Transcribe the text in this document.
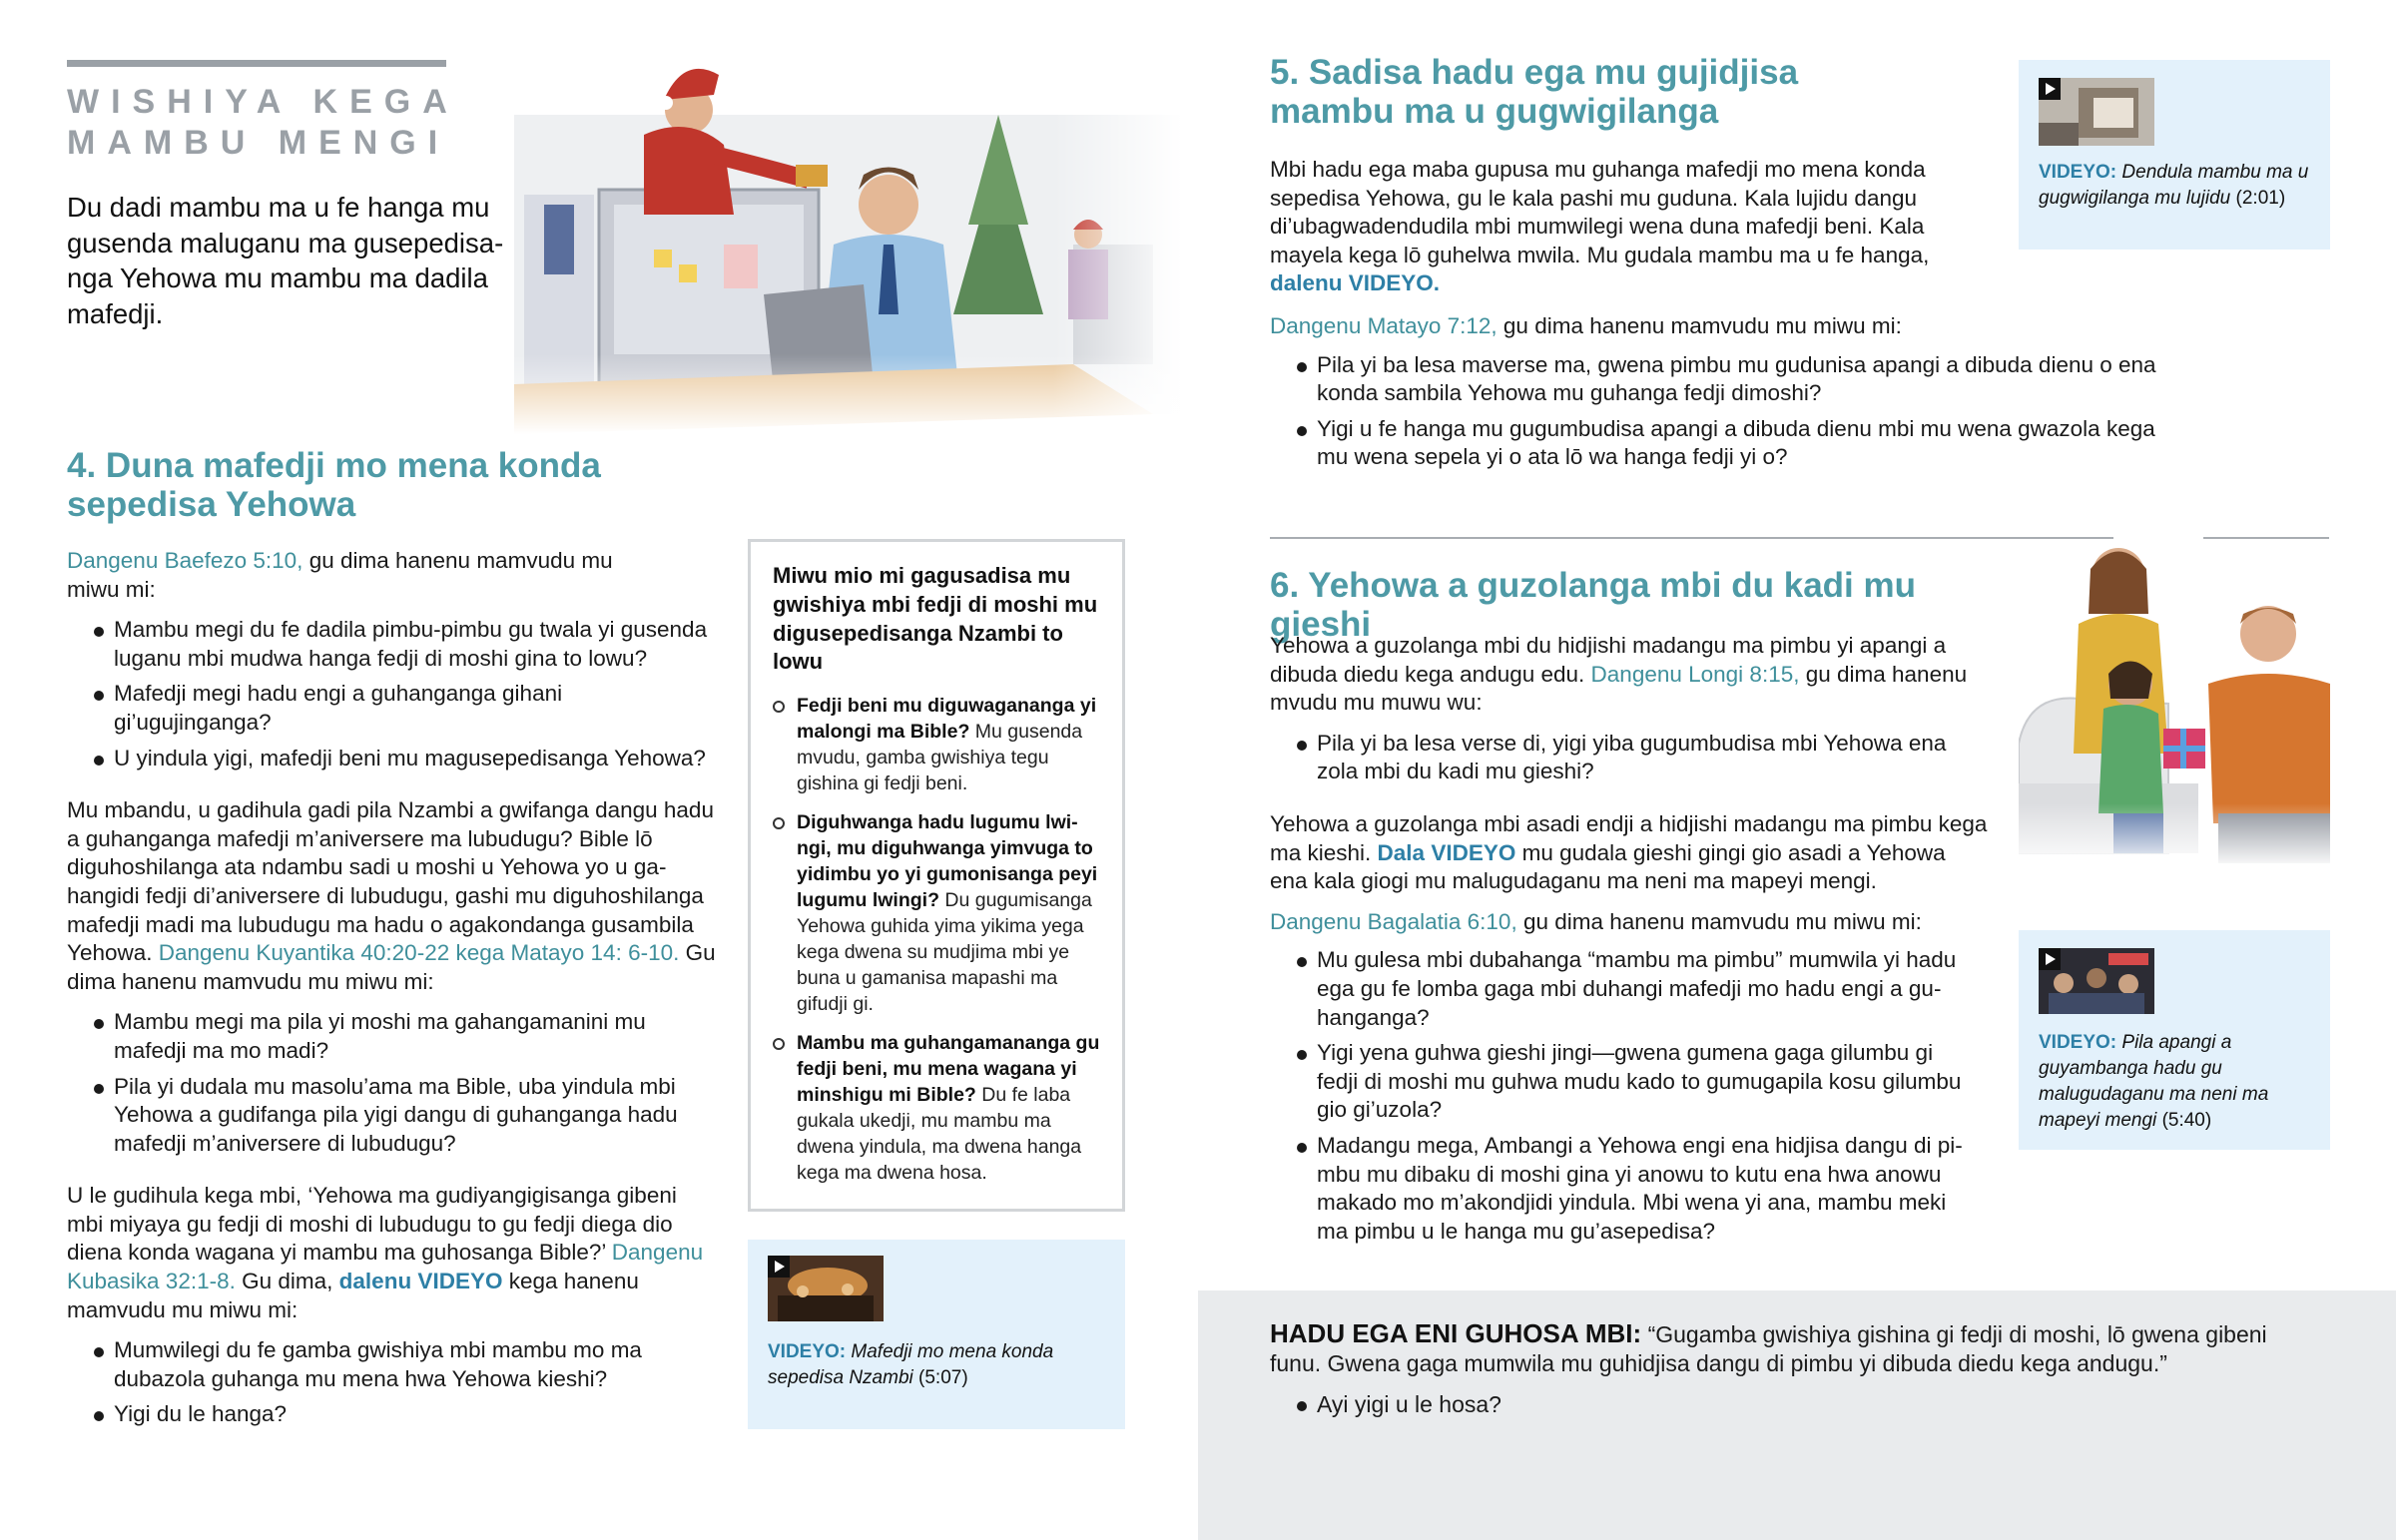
WISHIYA KEGA
MAMBU MENGI
Du dadi mambu ma u fe hanga mu gusenda maluganu ma gusepedisanga Yehowa mu mambu ma dadila mafedji.
4. Duna mafedji mo mena konda sepedisa Yehowa

Dangenu Baefezo 5:10, gu dima hanenu mamvudu mu miwu mi:

Mambu megi du fe dadila pimbu-pimbu gu twala yi gusenda luganu mbi mudwa hanga fedji di moshi gina to lowu?
Mafedji megi hadu engi a guhanganga gihani gi’ugujinganga?
U yindula yigi, mafedji beni mu magusepedisanga Yehowa?

Mu mbandu, u gadihula gadi pila Nzambi a gwifanga dangu hadu a guhanganga mafedji m’aniversere ma lubudugu? Bible lō diguhoshilanga ata ndambu sadi u moshi u Yehowa yo u gahangidi fedji di’aniversere di lubudugu, gashi mu diguhoshilanga mafedji madi ma lubudugu ma hadu o agakondanga gusambila Yehowa. Dangenu Kuyantika 40:20-22 kega Matayo 14: 6-10. Gu dima hanenu mamvudu mu miwu mi:

Mambu megi ma pila yi moshi ma gahangamanini mu mafedji ma mo madi?
Pila yi dudala mu masolu’ama ma Bible, uba yindula mbi Yehowa a gudifanga pila yigi dangu di guhanganga hadu mafedji m’aniversere di lubudugu?

U le gudihula kega mbi, ‘Yehowa ma gudiyangigisanga gibeni mbi miyaya gu fedji di moshi di lubudugu to gu fedji diega dio diena konda wagana yi mambu ma guhosanga Bible?’ Dangenu Kubasika 32:1-8. Gu dima, dalenu VIDEYO kega hanenu mamvudu mu miwu mi:

Mumwilegi du fe gamba gwishiya mbi mambu mo ma dubazola guhanga mu mena hwa Yehowa kieshi?
Yigi du le hanga?
Miwu mio mi gagusadisa mu gwishiya mbi fedji di moshi mu digusepedisanga Nzambi to lowu
Fedji beni mu diguwagananga yi malongi ma Bible? Mu gusenda mvudu, gamba gwishiya tegu gishina gi fedji beni.
Diguhwanga hadu lugumu lwingi, mu diguhwanga yimvuga to yidimbu yo yi gumonisanga peyi lugumu lwingi? Du gugumisanga Yehowa guhida yima yikima yega kega dwena su mudjima mbi ye buna u gamanisa mapashi ma gifudji gi.
Mambu ma guhangamananga gu fedji beni, mu mena wagana yi minshigu mi Bible? Du fe laba gukala ukedji, mu mambu ma dwena yindula, ma dwena hanga kega ma dwena hosa.
VIDEYO: Mafedji mo mena konda sepedisa Nzambi (5:07)
5. Sadisa hadu ega mu gujidjisa mambu ma u gugwigilanga

Mbi hadu ega maba gupusa mu guhanga mafedji mo mena konda sepedisa Yehowa, gu le kala pashi mu guduna. Kala lujidu dangu di’ubagwadendudila mbi mumwilegi wena duna mafedji beni. Kala mayela kega lō guhelwa mwila. Mu gudala mambu ma u fe hanga, dalenu VIDEYO.

Dangenu Matayo 7:12, gu dima hanenu mamvudu mu miwu mi:

Pila yi ba lesa maverse ma, gwena pimbu mu gudunisa apangi a dibuda dienu o ena konda sambila Yehowa mu guhanga fedji dimoshi?
Yigi u fe hanga mu gugumbudisa apangi a dibuda dienu mbi mu wena gwazola kega mu wena sepela yi o ata lō wa hanga fedji yi o?
VIDEYO: Dendula mambu ma u gugwigilanga mu lujidu (2:01)
6. Yehowa a guzolanga mbi du kadi mu gieshi

Yehowa a guzolanga mbi du hidjishi madangu ma pimbu yi apangi a dibuda diedu kega andugu edu. Dangenu Longi 8:15, gu dima hanenu mvudu mu muwu wu:

Pila yi ba lesa verse di, yigi yiba gugumbudisa mbi Yehowa ena zola mbi du kadi mu gieshi?

Yehowa a guzolanga mbi asadi endji a hidjishi madangu ma pimbu kega ma kieshi. Dala VIDEYO mu gudala gieshi gingi gio asadi a Yehowa ena kala giogi mu malugudaganu ma neni ma mapeyi mengi.

Dangenu Bagalatia 6:10, gu dima hanenu mamvudu mu miwu mi:

Mu gulesa mbi dubahanga “mambu ma pimbu” mumwila yi hadu ega gu fe lomba gaga mbi duhangi mafedji mo hadu engi a guhanganga?
Yigi yena guhwa gieshi jingi—gwena gumena gaga gilumbu gi fedji di moshi mu guhwa mudu kado to gumugapila kosu gilumbu gio gi’uzola?
Madangu mega, Ambangi a Yehowa engi ena hidjisa dangu di pimbu mu dibaku di moshi gina yi anowu to kutu ena hwa anowu makado mo m’akondjidi yindula. Mbi wena yi ana, mambu meki ma pimbu u le hanga mu gu’asepedisa?
VIDEYO: Pila apangi a guyambanga hadu gu malugudaganu ma neni ma mapeyi mengi (5:40)

HADU EGA ENI GUHOSA MBI: “Gugamba gwishiya gishina gi fedji di moshi, lō gwena gibeni funu. Gwena gaga mumwila mu guhidjisa dangu di pimbu yi dibuda diedu kega andugu.”

Ayi yigi u le hosa?
